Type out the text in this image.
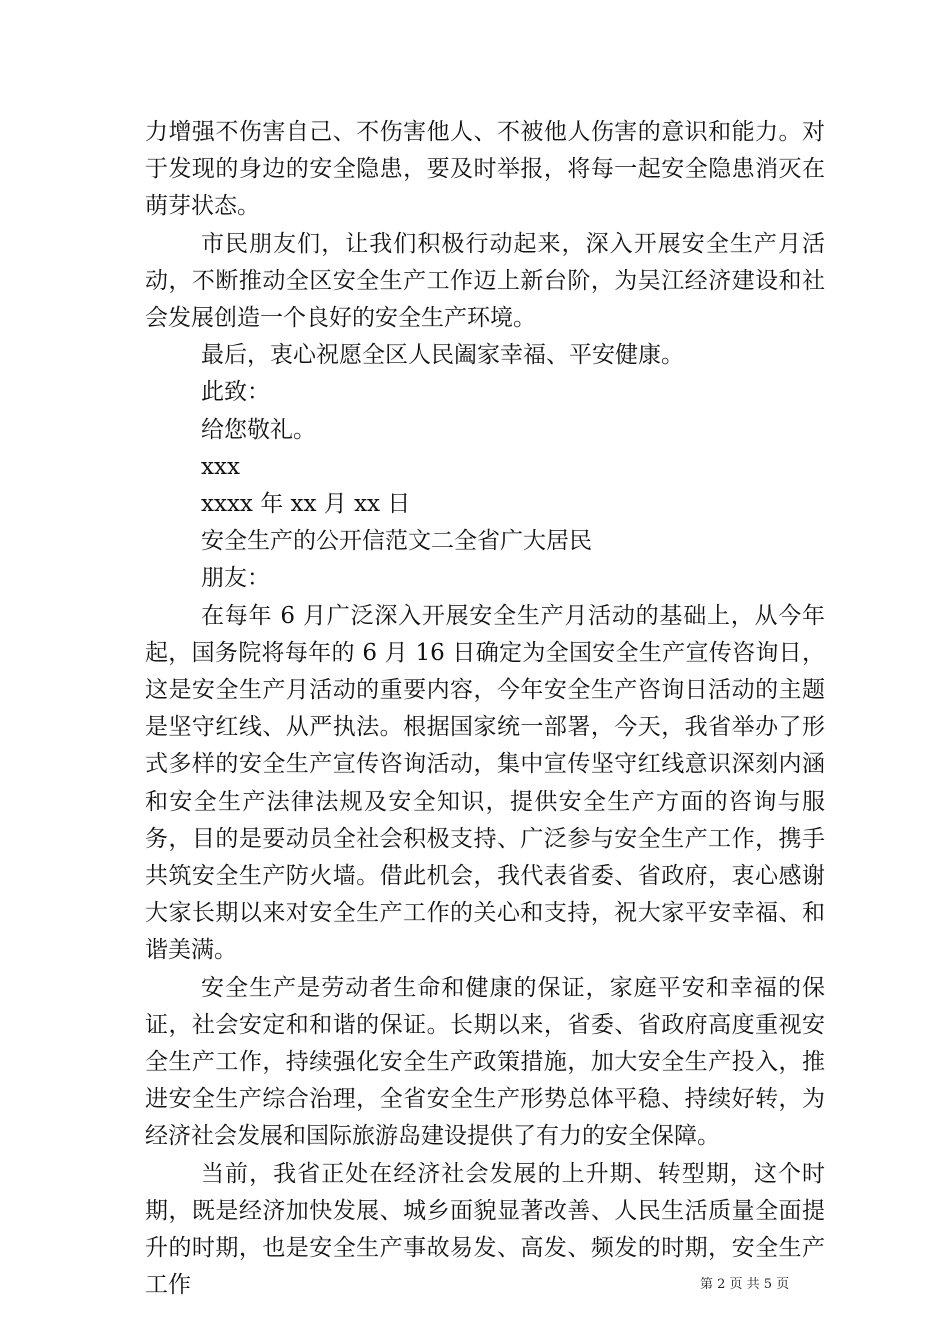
力增强不伤害自己、不伤害他人、不被他人伤害的意识和能力。对于发现的身边的安全隐患，要及时举报，将每一起安全隐患消灭在萌芽状态。

市民朋友们，让我们积极行动起来，深入开展安全生产月活动，不断推动全区安全生产工作迈上新台阶，为吴江经济建设和社会发展创造一个良好的安全生产环境。

最后，衷心祝愿全区人民阖家幸福、平安健康。

此致：

给您敬礼。

xxx

xxxx 年 xx 月 xx 日

安全生产的公开信范文二全省广大居民

朋友：

在每年 6 月广泛深入开展安全生产月活动的基础上，从今年起，国务院将每年的 6 月 16 日确定为全国安全生产宣传咨询日，这是安全生产月活动的重要内容，今年安全生产咨询日活动的主题是坚守红线、从严执法。根据国家统一部署，今天，我省举办了形式多样的安全生产宣传咨询活动，集中宣传坚守红线意识深刻内涵和安全生产法律法规及安全知识，提供安全生产方面的咨询与服务，目的是要动员全社会积极支持、广泛参与安全生产工作，携手共筑安全生产防火墙。借此机会，我代表省委、省政府，衷心感谢大家长期以来对安全生产工作的关心和支持，祝大家平安幸福、和谐美满。

安全生产是劳动者生命和健康的保证，家庭平安和幸福的保证，社会安定和和谐的保证。长期以来，省委、省政府高度重视安全生产工作，持续强化安全生产政策措施，加大安全生产投入，推进安全生产综合治理，全省安全生产形势总体平稳、持续好转，为经济社会发展和国际旅游岛建设提供了有力的安全保障。

当前，我省正处在经济社会发展的上升期、转型期，这个时期，既是经济加快发展、城乡面貌显著改善、人民生活质量全面提升的时期，也是安全生产事故易发、高发、频发的时期，安全生产工作	第 2 页 共 5 页
